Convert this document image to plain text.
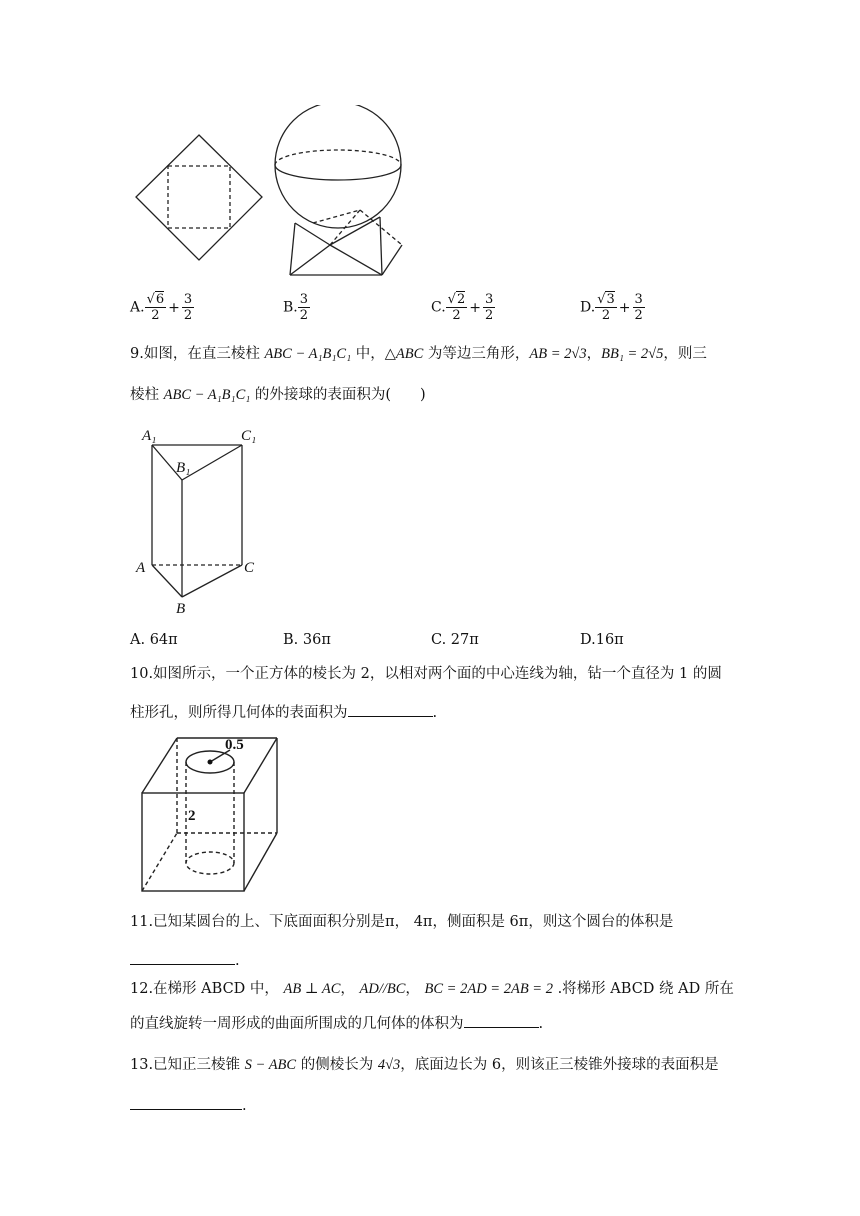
A. $\frac{√6}{2} + \frac{3}{2}$	B. $\frac{3}{2}$	C. $\frac{√2}{2} + \frac{3}{2}$	D. $\frac{√3}{2} + \frac{3}{2}$
9.如图，在直三棱柱 ABC − A₁B₁C₁ 中，△ABC 为等边三角形，AB = 2√3，BB₁ = 2√5，则三
棱柱 ABC − A₁B₁C₁ 的外接球的表面积为(　　)
A₁	C₁
B₁
A	C
B
A. 64π	B. 36π	C. 27π	D.16π
10.如图所示，一个正方体的棱长为 2，以相对两个面的中心连线为轴，钻一个直径为 1 的圆
柱形孔，则所得几何体的表面积为	.
0.5
2
11.已知某圆台的上、下底面面积分别是π， 4π，侧面积是 6π，则这个圆台的体积是
.
12.在梯形 ABCD 中， AB ⊥ AC， AD//BC， BC = 2AD = 2AB = 2 .将梯形 ABCD 绕 AD 所在
的直线旋转一周形成的曲面所围成的几何体的体积为	.
13.已知正三棱锥 S − ABC 的侧棱长为 4√3，底面边长为 6，则该正三棱锥外接球的表面积是
.
